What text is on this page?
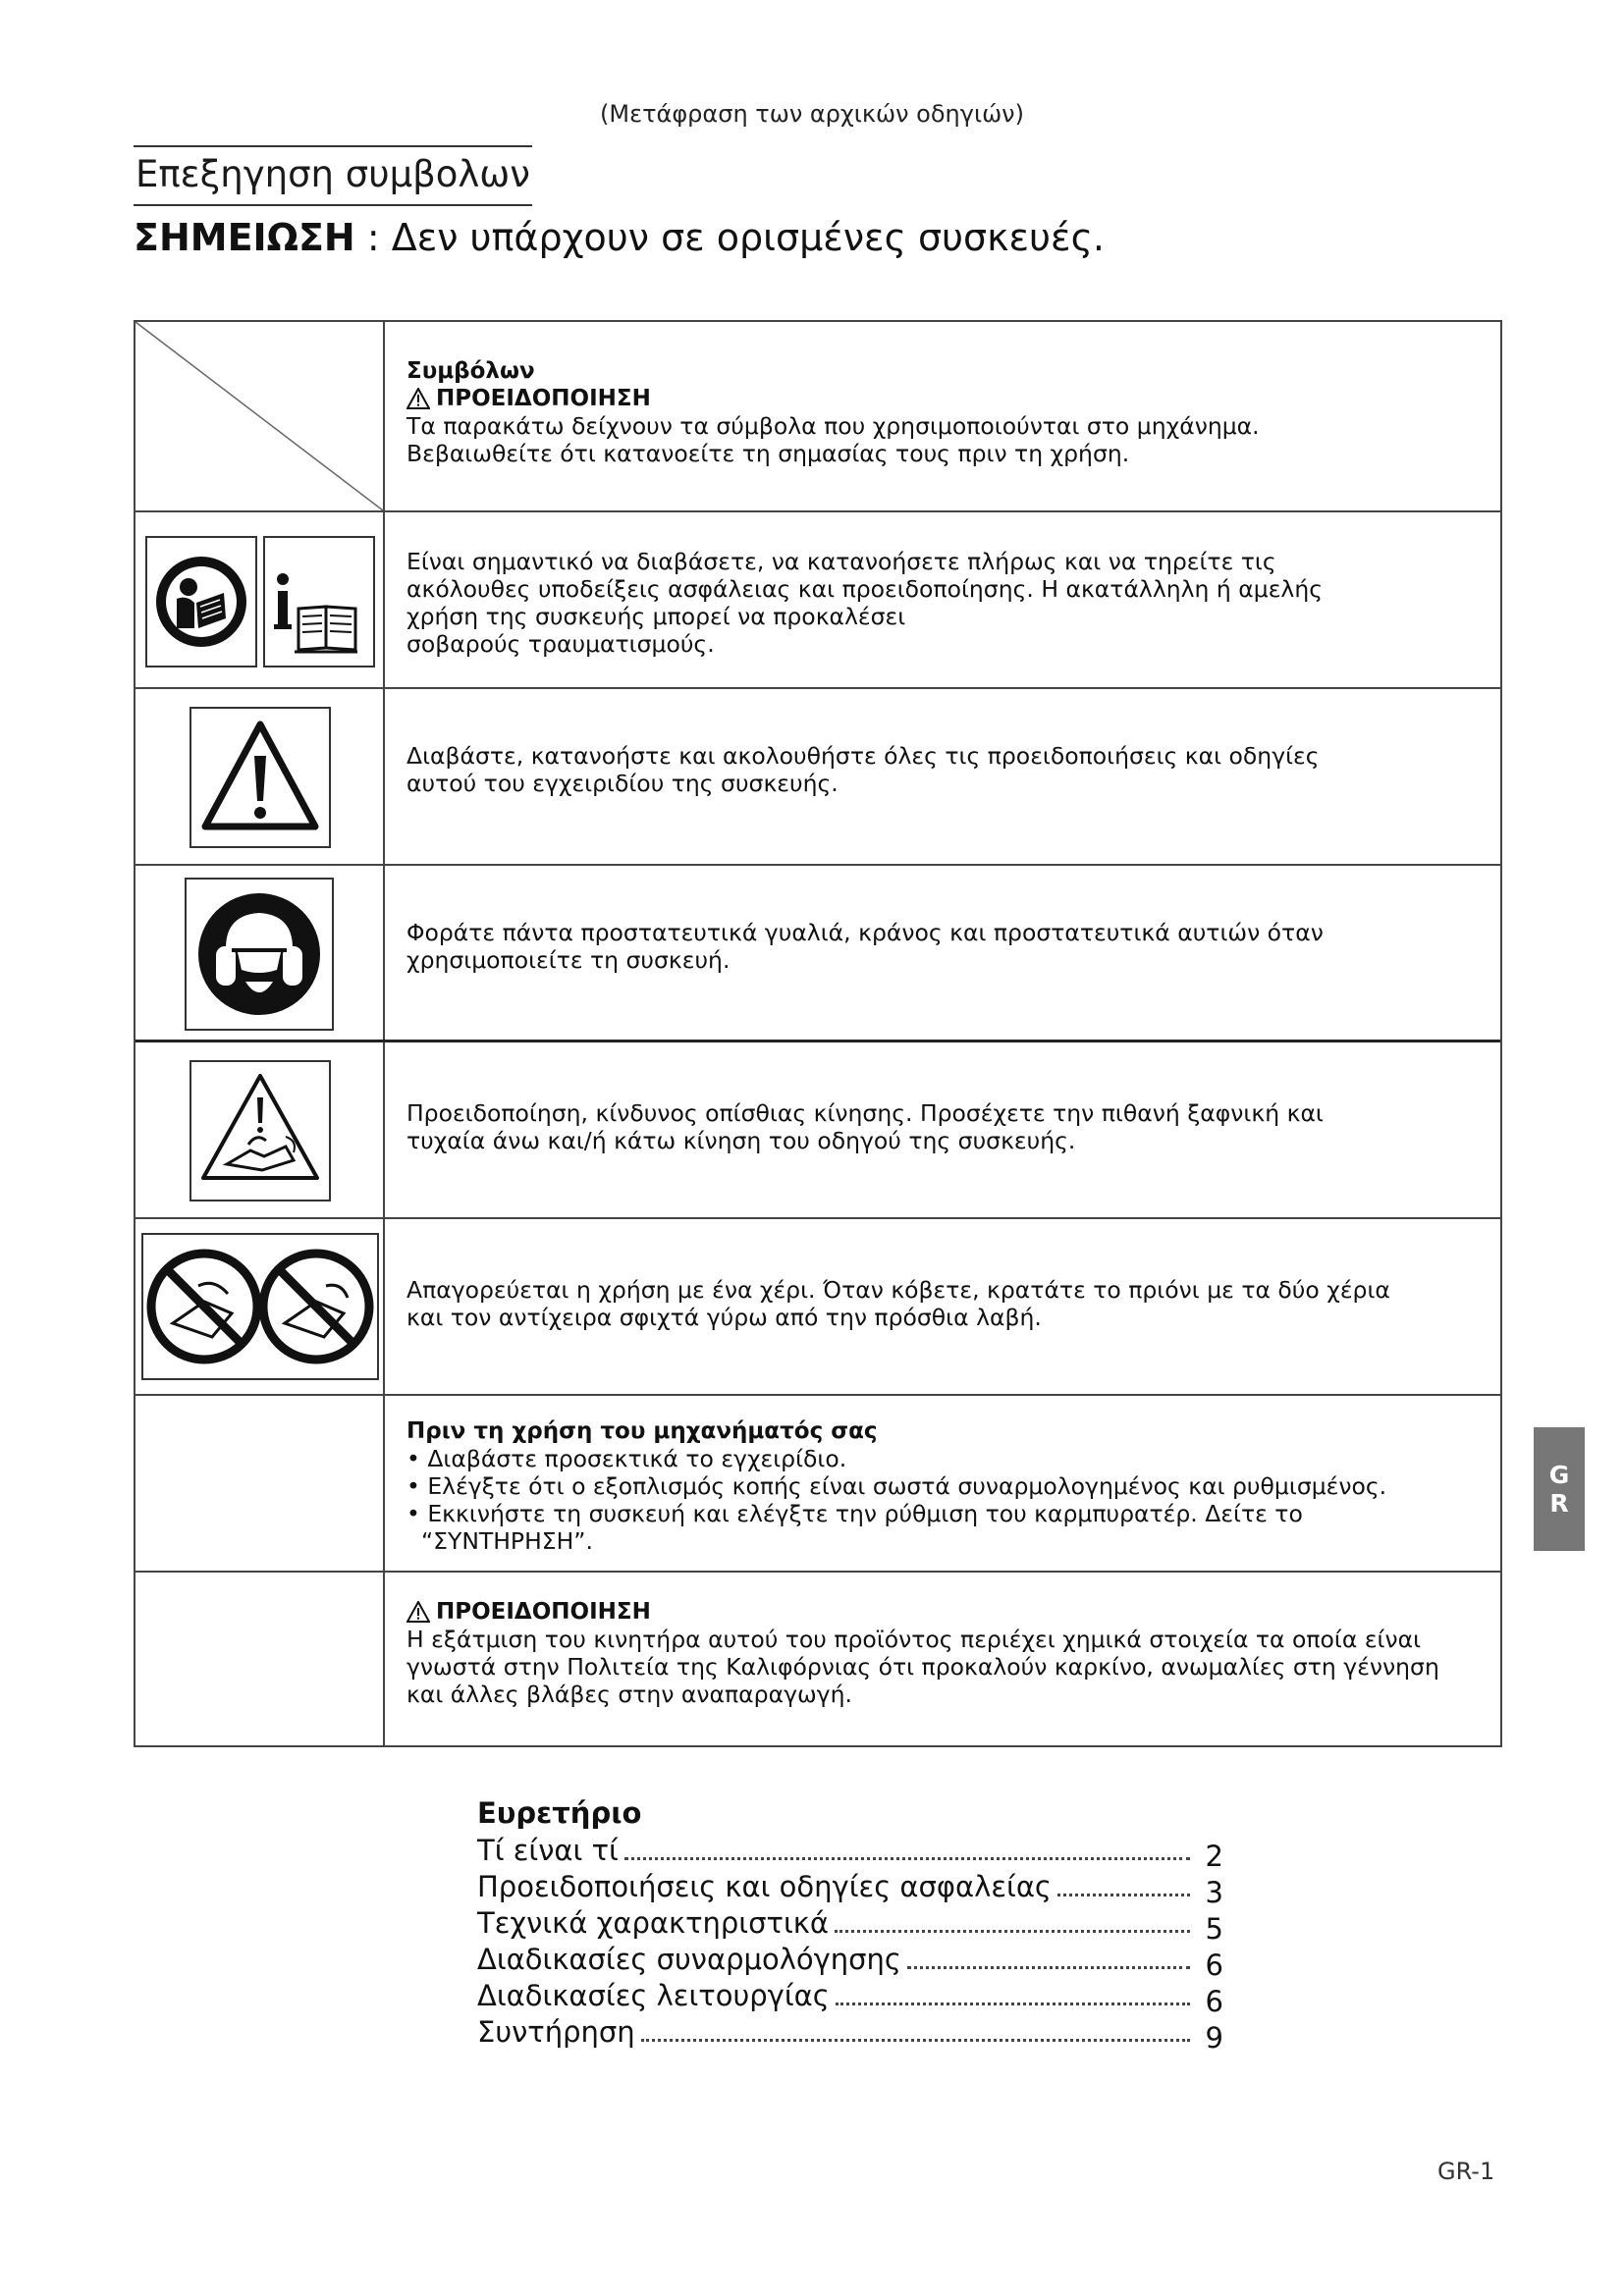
(Μετάφραση των αρχικών οδηγιών)
Επεξηγηση συμβολων
ΣΗΜΕΙΩΣΗ : Δεν υπάρχουν σε ορισμένες συσκευές.
Συμβόλων
ΠΡΟΕΙΔΟΠΟΙΗΣΗ
Τα παρακάτω δείχνουν τα σύμβολα που χρησιμοποιούνται στο μηχάνημα.
Βεβαιωθείτε ότι κατανοείτε τη σημασίας τους πριν τη χρήση.
Είναι σημαντικό να διαβάσετε, να κατανοήσετε πλήρως και να τηρείτε τις
ακόλουθες υποδείξεις ασφάλειας και προειδοποίησης. Η ακατάλληλη ή αμελής
χρήση της συσκευής μπορεί να προκαλέσει
σοβαρούς τραυματισμούς.
Διαβάστε, κατανοήστε και ακολουθήστε όλες τις προειδοποιήσεις και οδηγίες
αυτού του εγχειριδίου της συσκευής.
Φοράτε πάντα προστατευτικά γυαλιά, κράνος και προστατευτικά αυτιών όταν
χρησιμοποιείτε τη συσκευή.
Προειδοποίηση, κίνδυνος οπίσθιας κίνησης. Προσέχετε την πιθανή ξαφνική και
τυχαία άνω και/ή κάτω κίνηση του οδηγού της συσκευής.
Απαγορεύεται η χρήση με ένα χέρι. Όταν κόβετε, κρατάτε το πριόνι με τα δύο χέρια
και τον αντίχειρα σφιχτά γύρω από την πρόσθια λαβή.
Πριν τη χρήση του μηχανήματός σας
• Διαβάστε προσεκτικά το εγχειρίδιο.
• Ελέγξτε ότι ο εξοπλισμός κοπής είναι σωστά συναρμολογημένος και ρυθμισμένος.
• Εκκινήστε τη συσκευή και ελέγξτε την ρύθμιση του καρμπυρατέρ. Δείτε το
“ΣΥΝΤΗΡΗΣΗ”.
ΠΡΟΕΙΔΟΠΟΙΗΣΗ
Η εξάτμιση του κινητήρα αυτού του προϊόντος περιέχει χημικά στοιχεία τα οποία είναι
γνωστά στην Πολιτεία της Καλιφόρνιας ότι προκαλούν καρκίνο, ανωμαλίες στη γέννηση
και άλλες βλάβες στην αναπαραγωγή.
Ευρετήριο
Τί είναι τί	2
Προειδοποιήσεις και οδηγίες ασφαλείας	3
Τεχνικά χαρακτηριστικά	5
Διαδικασίες συναρμολόγησης	6
Διαδικασίες λειτουργίας	6
Συντήρηση	9
G
R
GR-1
